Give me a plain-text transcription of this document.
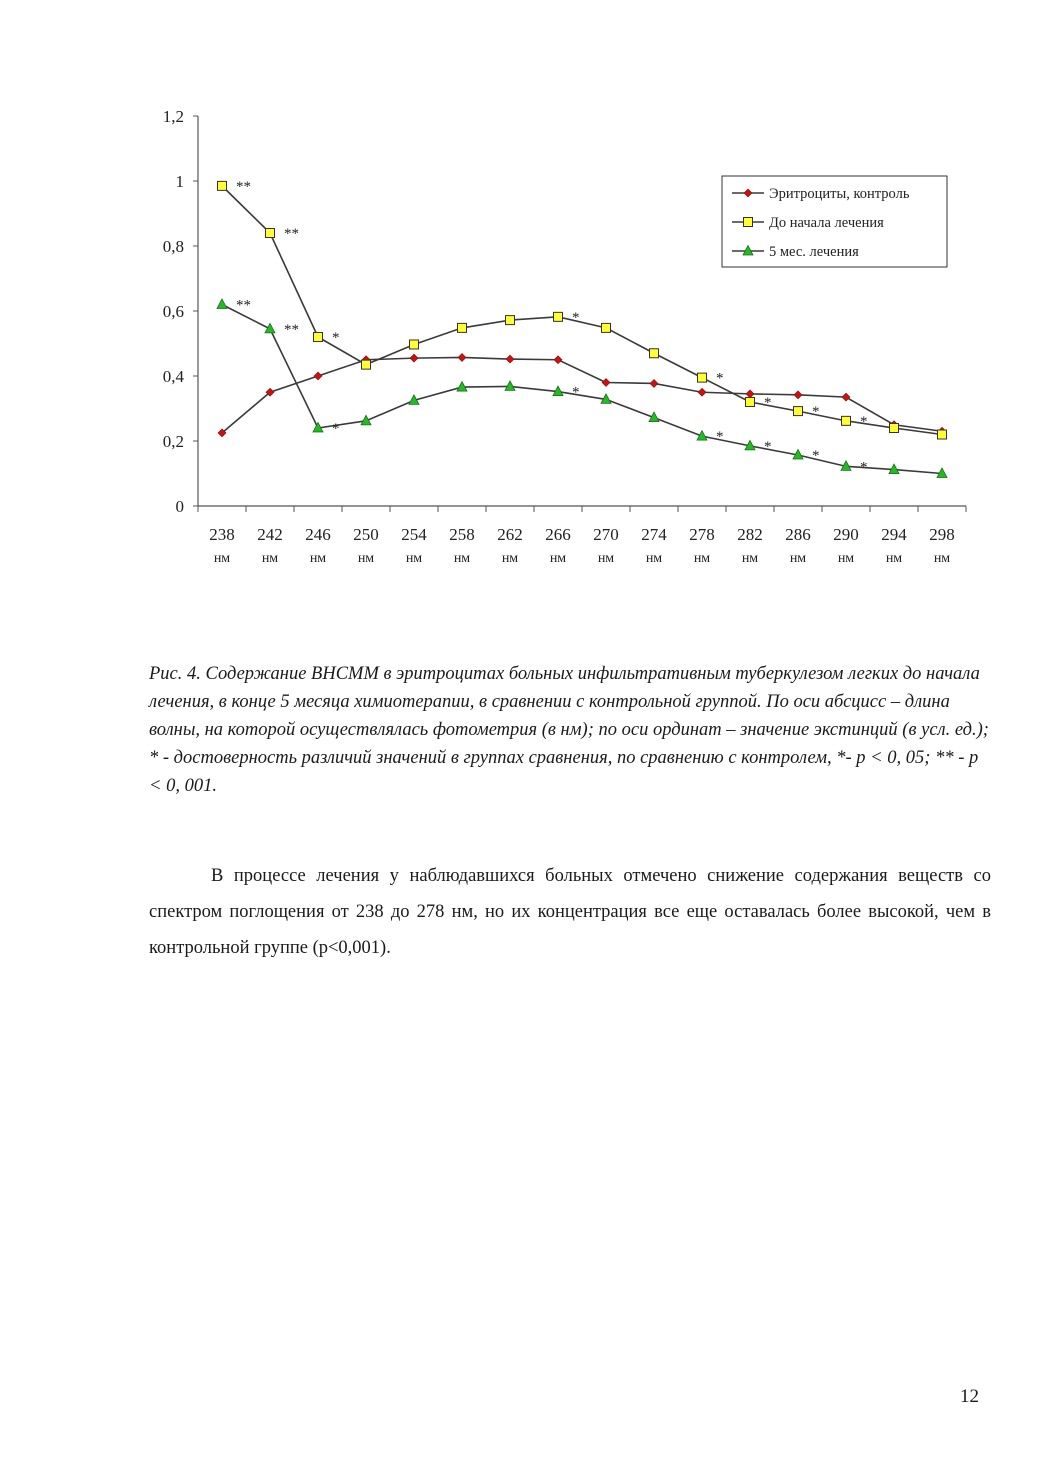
0
0,2
0,4
0,6
0,8
1
1,2
238
нм
242
нм
246
нм
250
нм
254
нм
258
нм
262
нм
266
нм
270
нм
274
нм
278
нм
282
нм
286
нм
290
нм
294
нм
298
нм
**
**
*
*
*
*
*
*
**
**
*
*
*
*
*
*
Эритроциты, контроль
До начала лечения
5 мес. лечения

Рис. 4. Содержание ВНСММ в эритроцитах больных инфильтративным туберкулезом легких до начала лечения, в конце 5 месяца химиотерапии, в сравнении с контрольной группой. По оси абсцисс – длина волны, на которой осуществлялась фотометрия (в нм); по оси ординат – значение экстинций (в усл. ед.); * - достоверность различий значений в группах сравнения, по сравнению с контролем, *- р < 0, 05; ** - р < 0, 001.

В процессе лечения у наблюдавшихся больных отмечено снижение содержания веществ со спектром поглощения от 238 до 278 нм, но их концентрация все еще оставалась более высокой, чем в контрольной группе (p<0,001).

12
